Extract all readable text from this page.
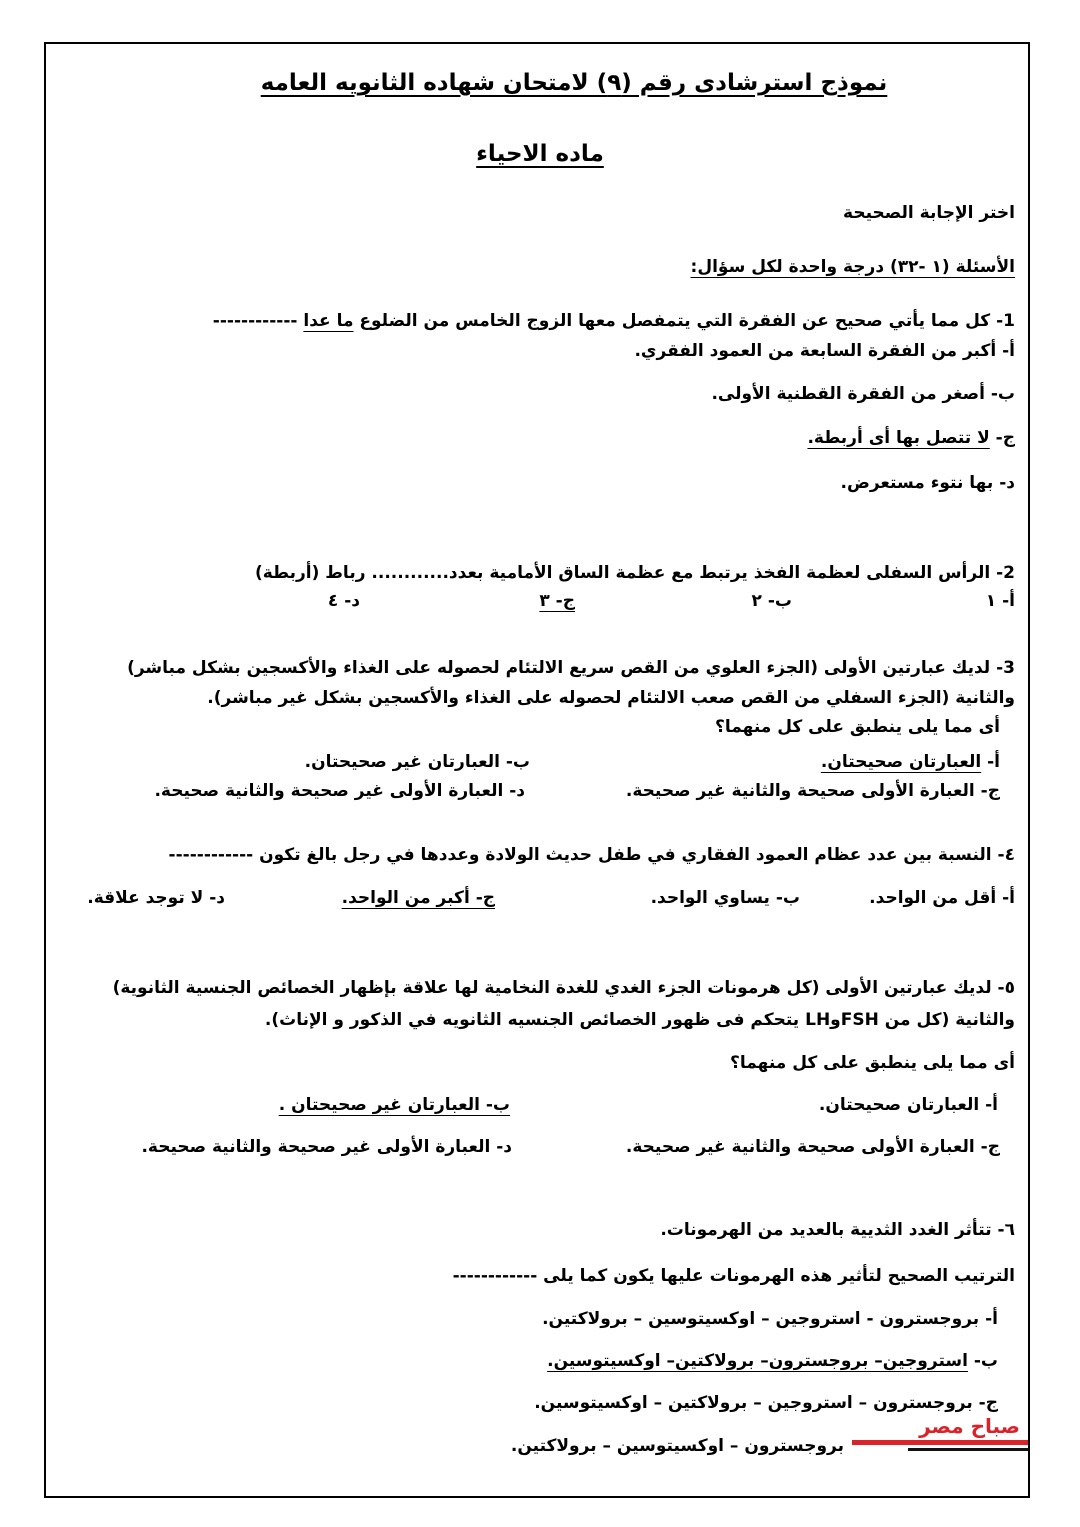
نموذج استرشادى رقم (٩) لامتحان شهاده الثانويه العامه
ماده الاحياء
اختر الإجابة الصحيحة
الأسئلة (١ -٣٢) درجة واحدة لكل سؤال:
1- كل مما يأتي صحيح عن الفقرة التي يتمفصل معها الزوج الخامس من الضلوع ما عدا ------------
أ- أكبر من الفقرة السابعة من العمود الفقري.
ب- أصغر من الفقرة القطنية الأولى.
ج- لا تتصل بها أى أربطة.
د- بها نتوء مستعرض.
2- الرأس السفلى لعظمة الفخذ يرتبط مع عظمة الساق الأمامية بعدد............ رباط (أربطة)
أ- ١
ب- ٢
ج- ٣
د- ٤
3- لديك عبارتين الأولى (الجزء العلوي من القص سريع الالتئام لحصوله على الغذاء والأكسجين بشكل مباشر)
والثانية (الجزء السفلي من القص صعب الالتئام لحصوله على الغذاء والأكسجين بشكل غير مباشر).
أى مما يلى ينطبق على كل منهما؟
أ- العبارتان صحيحتان.
ب- العبارتان غير صحيحتان.
ج- العبارة الأولى صحيحة والثانية غير صحيحة.
د- العبارة الأولى غير صحيحة والثانية صحيحة.
٤- النسبة بين عدد عظام العمود الفقاري في طفل حديث الولادة وعددها في رجل بالغ تكون ------------
أ- أقل من الواحد.
ب- يساوي الواحد.
ج- أكبر من الواحد.
د- لا توجد علاقة.
٥- لديك عبارتين الأولى (كل هرمونات الجزء الغدي للغدة النخامية لها علاقة بإظهار الخصائص الجنسية الثانوية)
والثانية (كل من FSHوLH يتحكم فى ظهور الخصائص الجنسيه الثانويه في الذكور و الإناث).
أى مما يلى ينطبق على كل منهما؟
أ- العبارتان صحيحتان.
ب- العبارتان غير صحيحتان .
ج- العبارة الأولى صحيحة والثانية غير صحيحة.
د- العبارة الأولى غير صحيحة والثانية صحيحة.
٦- تتأثر الغدد الثديية بالعديد من الهرمونات.
الترتيب الصحيح لتأثير هذه الهرمونات عليها يكون كما يلى ------------
أ- بروجسترون - استروجين – اوكسيتوسين – برولاكتين.
ب- استروجين– بروجسترون– برولاكتين– اوكسيتوسين.
ج- بروجسترون – استروجين – برولاكتين – اوكسيتوسين.
بروجسترون – اوكسيتوسين – برولاكتين.
صباح مصر
